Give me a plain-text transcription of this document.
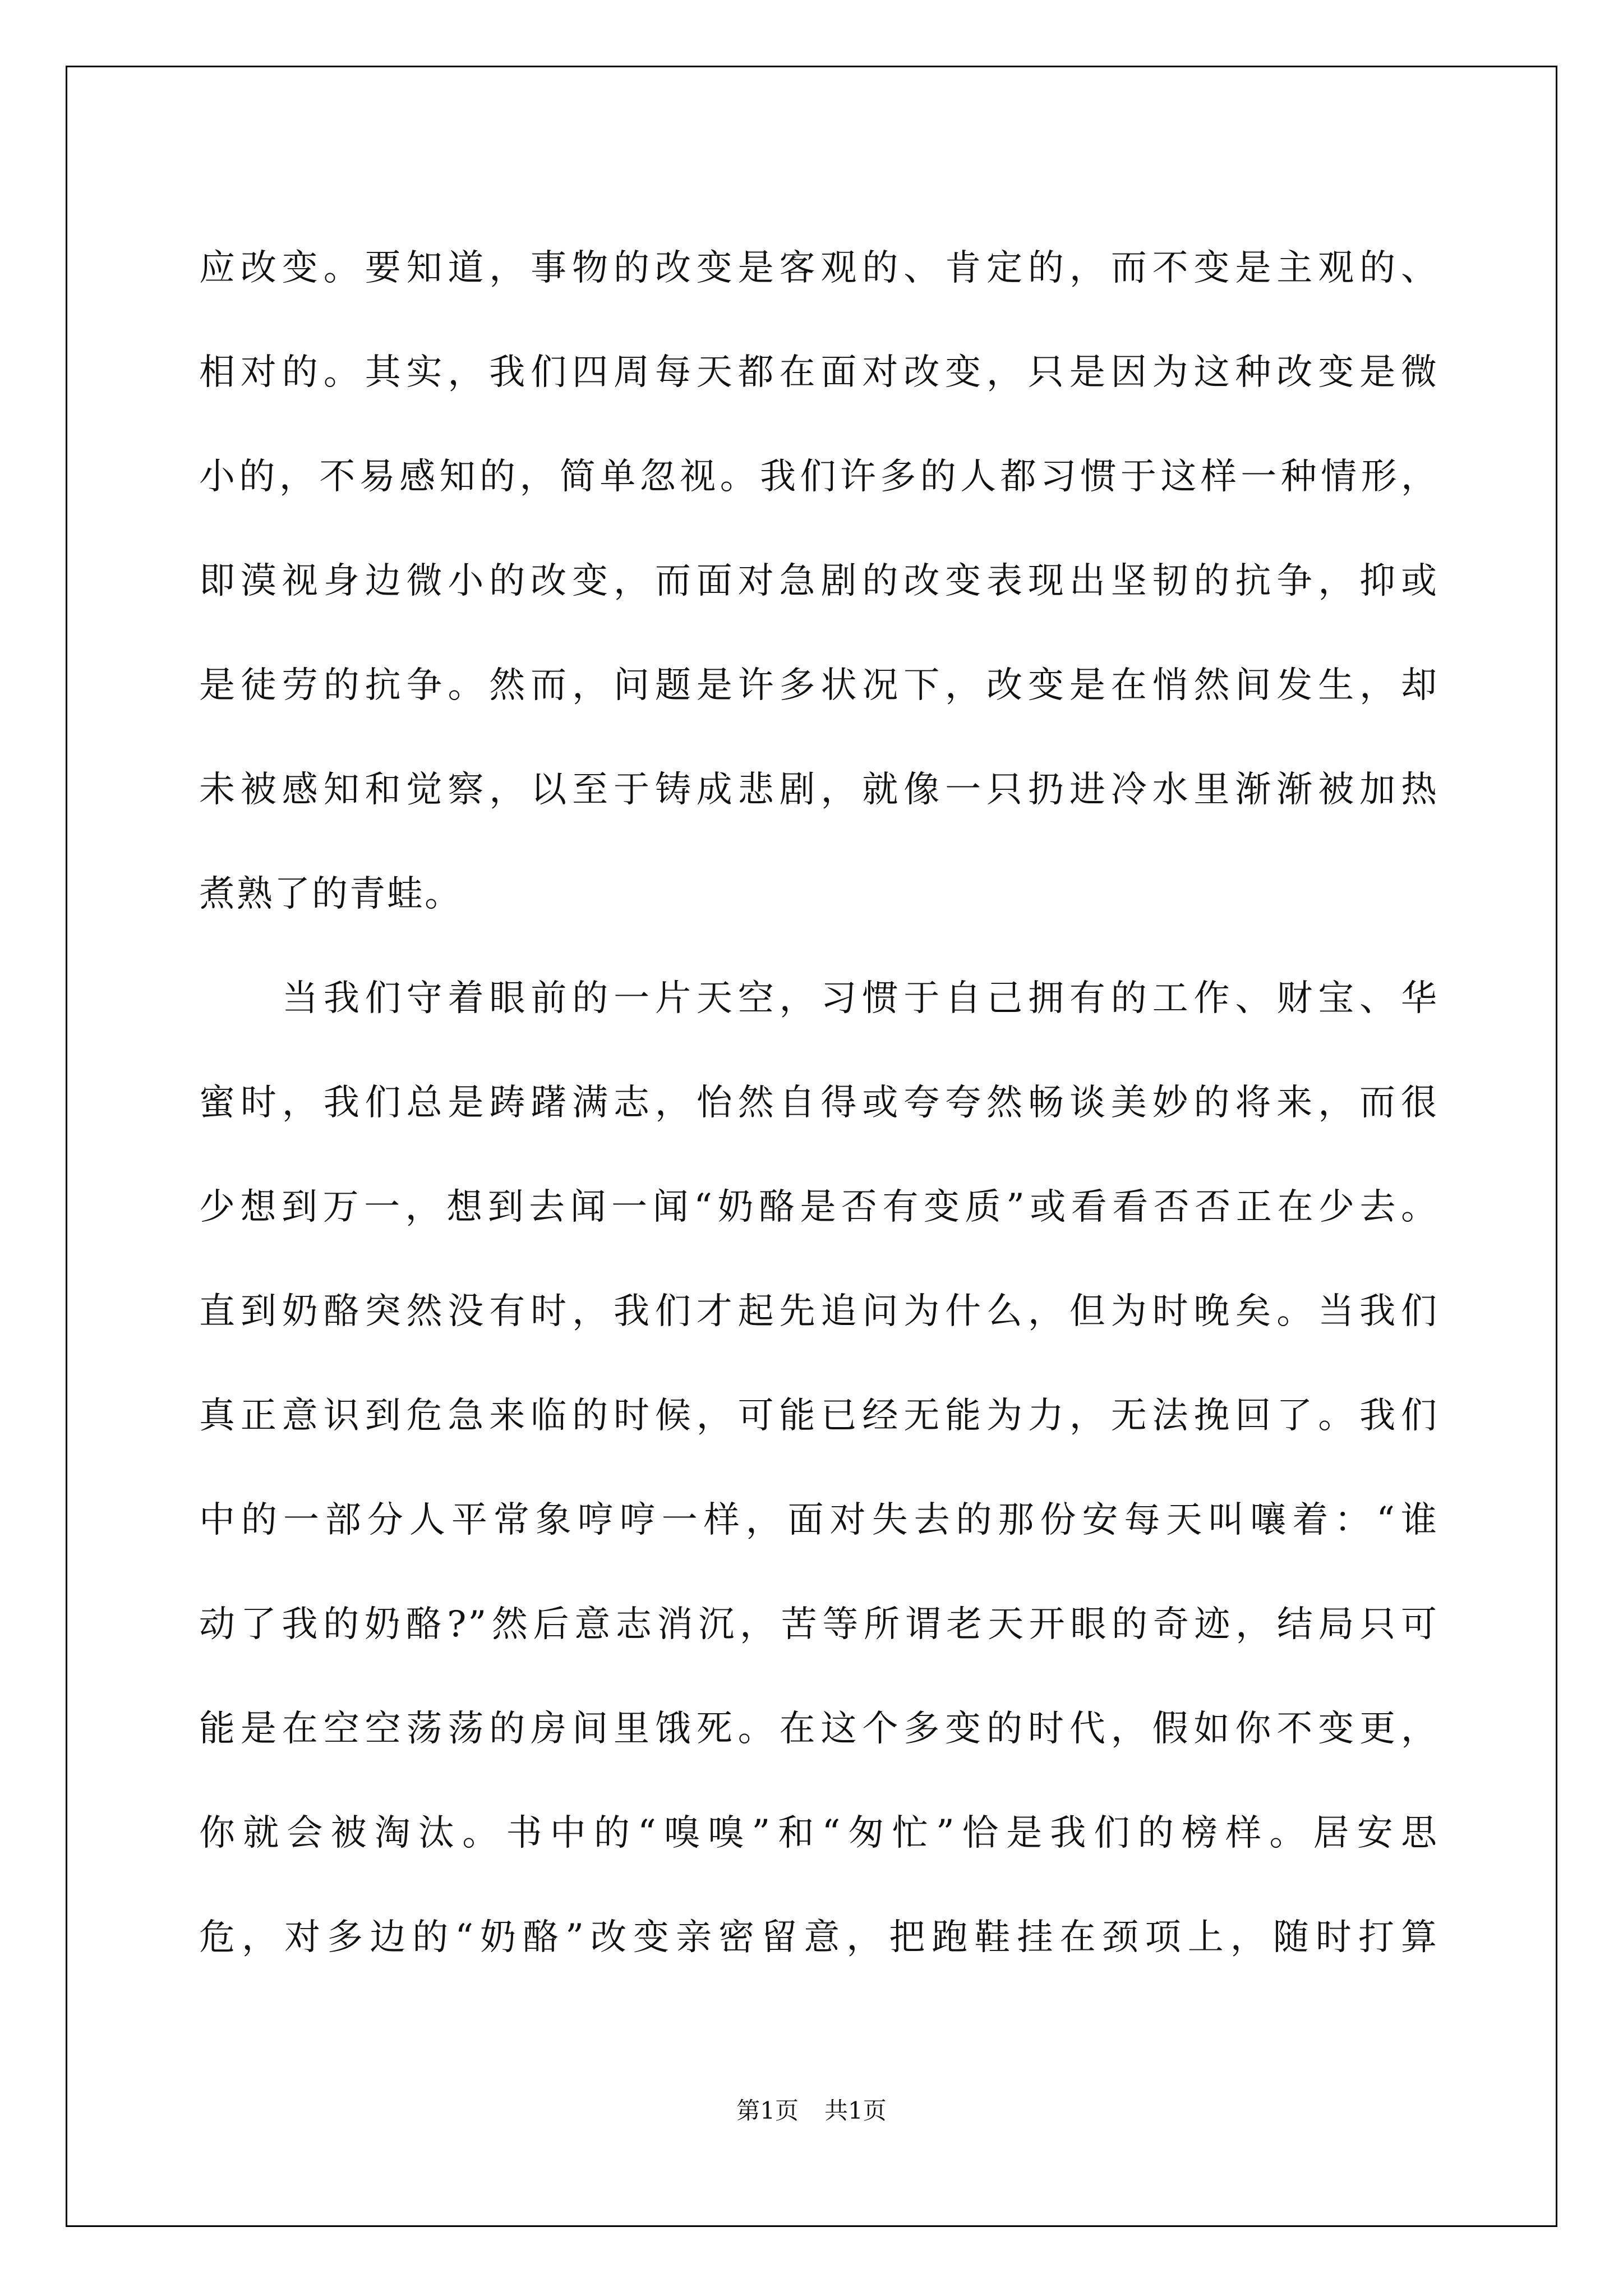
应改变。要知道，事物的改变是客观的、肯定的，而不变是主观的、
相对的。其实，我们四周每天都在面对改变，只是因为这种改变是微
小的，不易感知的，简单忽视。我们许多的人都习惯于这样一种情形，
即漠视身边微小的改变，而面对急剧的改变表现出坚韧的抗争，抑或
是徒劳的抗争。然而，问题是许多状况下，改变是在悄然间发生，却
未被感知和觉察，以至于铸成悲剧，就像一只扔进冷水里渐渐被加热
煮熟了的青蛙。
当我们守着眼前的一片天空，习惯于自己拥有的工作、财宝、华
蜜时，我们总是踌躇满志，怡然自得或夸夸然畅谈美妙的将来，而很
少想到万一，想到去闻一闻“奶酪是否有变质”或看看否否正在少去。
直到奶酪突然没有时，我们才起先追问为什么，但为时晚矣。当我们
真正意识到危急来临的时候，可能已经无能为力，无法挽回了。我们
中的一部分人平常象哼哼一样，面对失去的那份安每天叫嚷着：“谁
动了我的奶酪?”然后意志消沉，苦等所谓老天开眼的奇迹，结局只可
能是在空空荡荡的房间里饿死。在这个多变的时代，假如你不变更，
你就会被淘汰。书中的“嗅嗅”和“匆忙”恰是我们的榜样。居安思
危，对多边的“奶酪”改变亲密留意，把跑鞋挂在颈项上，随时打算
第1页 共1页
